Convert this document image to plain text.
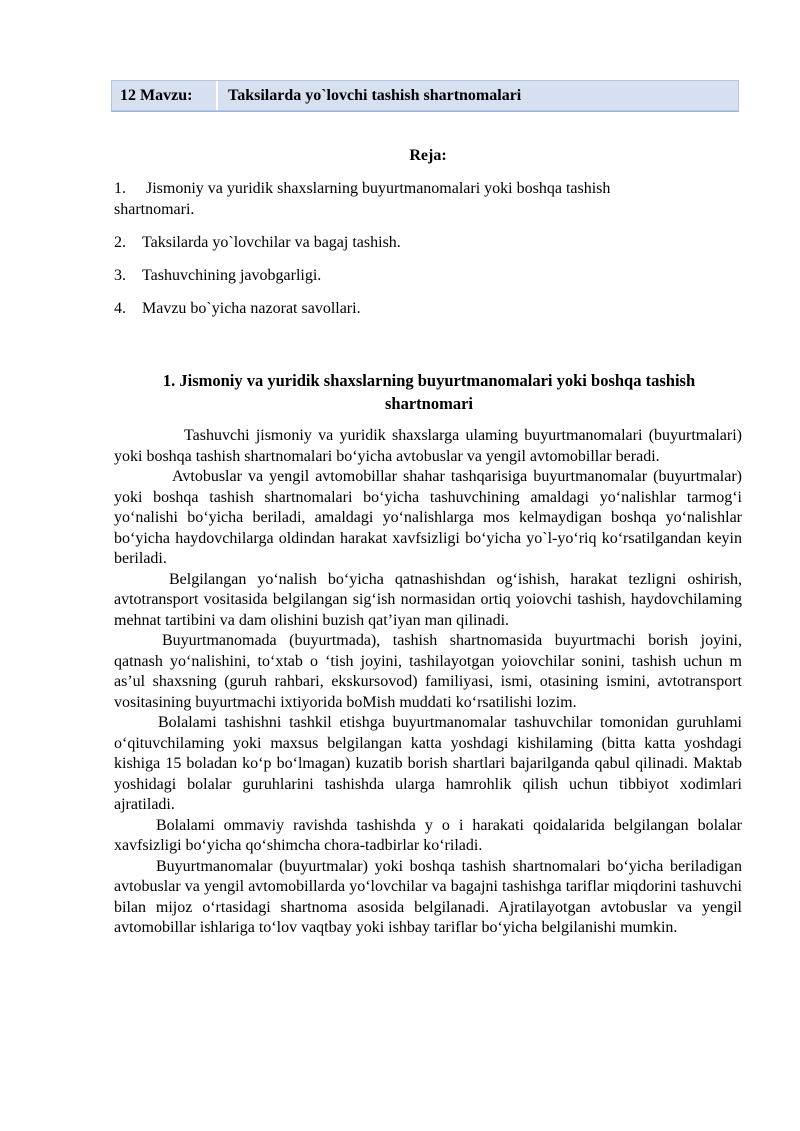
12 Mavzu:	Taksilarda yo`lovchi tashish shartnomalari
Reja:
1.	Jismoniy va yuridik shaxslarning buyurtmanomalari yoki boshqa tashish
shartnomari.
2.	Taksilarda yo`lovchilar va bagaj tashish.
3.	Tashuvchining javobgarligi.
4.	Mavzu bo`yicha nazorat savollari.
1. Jismoniy va yuridik shaxslarning buyurtmanomalari yoki boshqa tashish
shartnomari

Tashuvchi jismoniy va yuridik shaxslarga ulaming buyurtmanomalari (buyurtmalari) yoki boshqa tashish shartnomalari bo‘yicha avtobuslar va yengil avtomobillar beradi.

Avtobuslar va yengil avtomobillar shahar tashqarisiga buyurtmanomalar (buyurtmalar) yoki boshqa tashish shartnomalari bo‘yicha tashuvchining amaldagi yo‘nalishlar tarmog‘i yo‘nalishi bo‘yicha beriladi, amaldagi yo‘nalishlarga mos kelmaydigan boshqa yo‘nalishlar bo‘yicha haydovchilarga oldindan harakat xavfsizligi bo‘yicha yo`l-yo‘riq ko‘rsatilgandan keyin beriladi.

Belgilangan yo‘nalish bo‘yicha qatnashishdan og‘ishish, harakat tezligni oshirish, avtotransport vositasida belgilangan sig‘ish normasidan ortiq yoiovchi tashish, haydovchilaming mehnat tartibini va dam olishini buzish qat’iyan man qilinadi.

Buyurtmanomada (buyurtmada), tashish shartnomasida buyurtmachi borish joyini, qatnash yo‘nalishini, to‘xtab o ‘tish joyini, tashilayotgan yoiovchilar sonini, tashish uchun m as’ul shaxsning (guruh rahbari, ekskursovod) familiyasi, ismi, otasining ismini, avtotransport vositasining buyurtmachi ixtiyorida boMish muddati ko‘rsatilishi lozim.

Bolalami tashishni tashkil etishga buyurtmanomalar tashuvchilar tomonidan guruhlami o‘qituvchilaming yoki maxsus belgilangan katta yoshdagi kishilaming (bitta katta yoshdagi kishiga 15 boladan ko‘p bo‘lmagan) kuzatib borish shartlari bajarilganda qabul qilinadi. Maktab yoshidagi bolalar guruhlarini tashishda ularga hamrohlik qilish uchun tibbiyot xodimlari ajratiladi.

Bolalami ommaviy ravishda tashishda y o i harakati qoidalarida belgilangan bolalar xavfsizligi bo‘yicha qo‘shimcha chora-tadbirlar ko‘riladi.

Buyurtmanomalar (buyurtmalar) yoki boshqa tashish shartnomalari bo‘yicha beriladigan avtobuslar va yengil avtomobillarda yo‘lovchilar va bagajni tashishga tariflar miqdorini tashuvchi bilan mijoz o‘rtasidagi shartnoma asosida belgilanadi. Ajratilayotgan avtobuslar va yengil avtomobillar ishlariga to‘lov vaqtbay yoki ishbay tariflar bo‘yicha belgilanishi mumkin.
